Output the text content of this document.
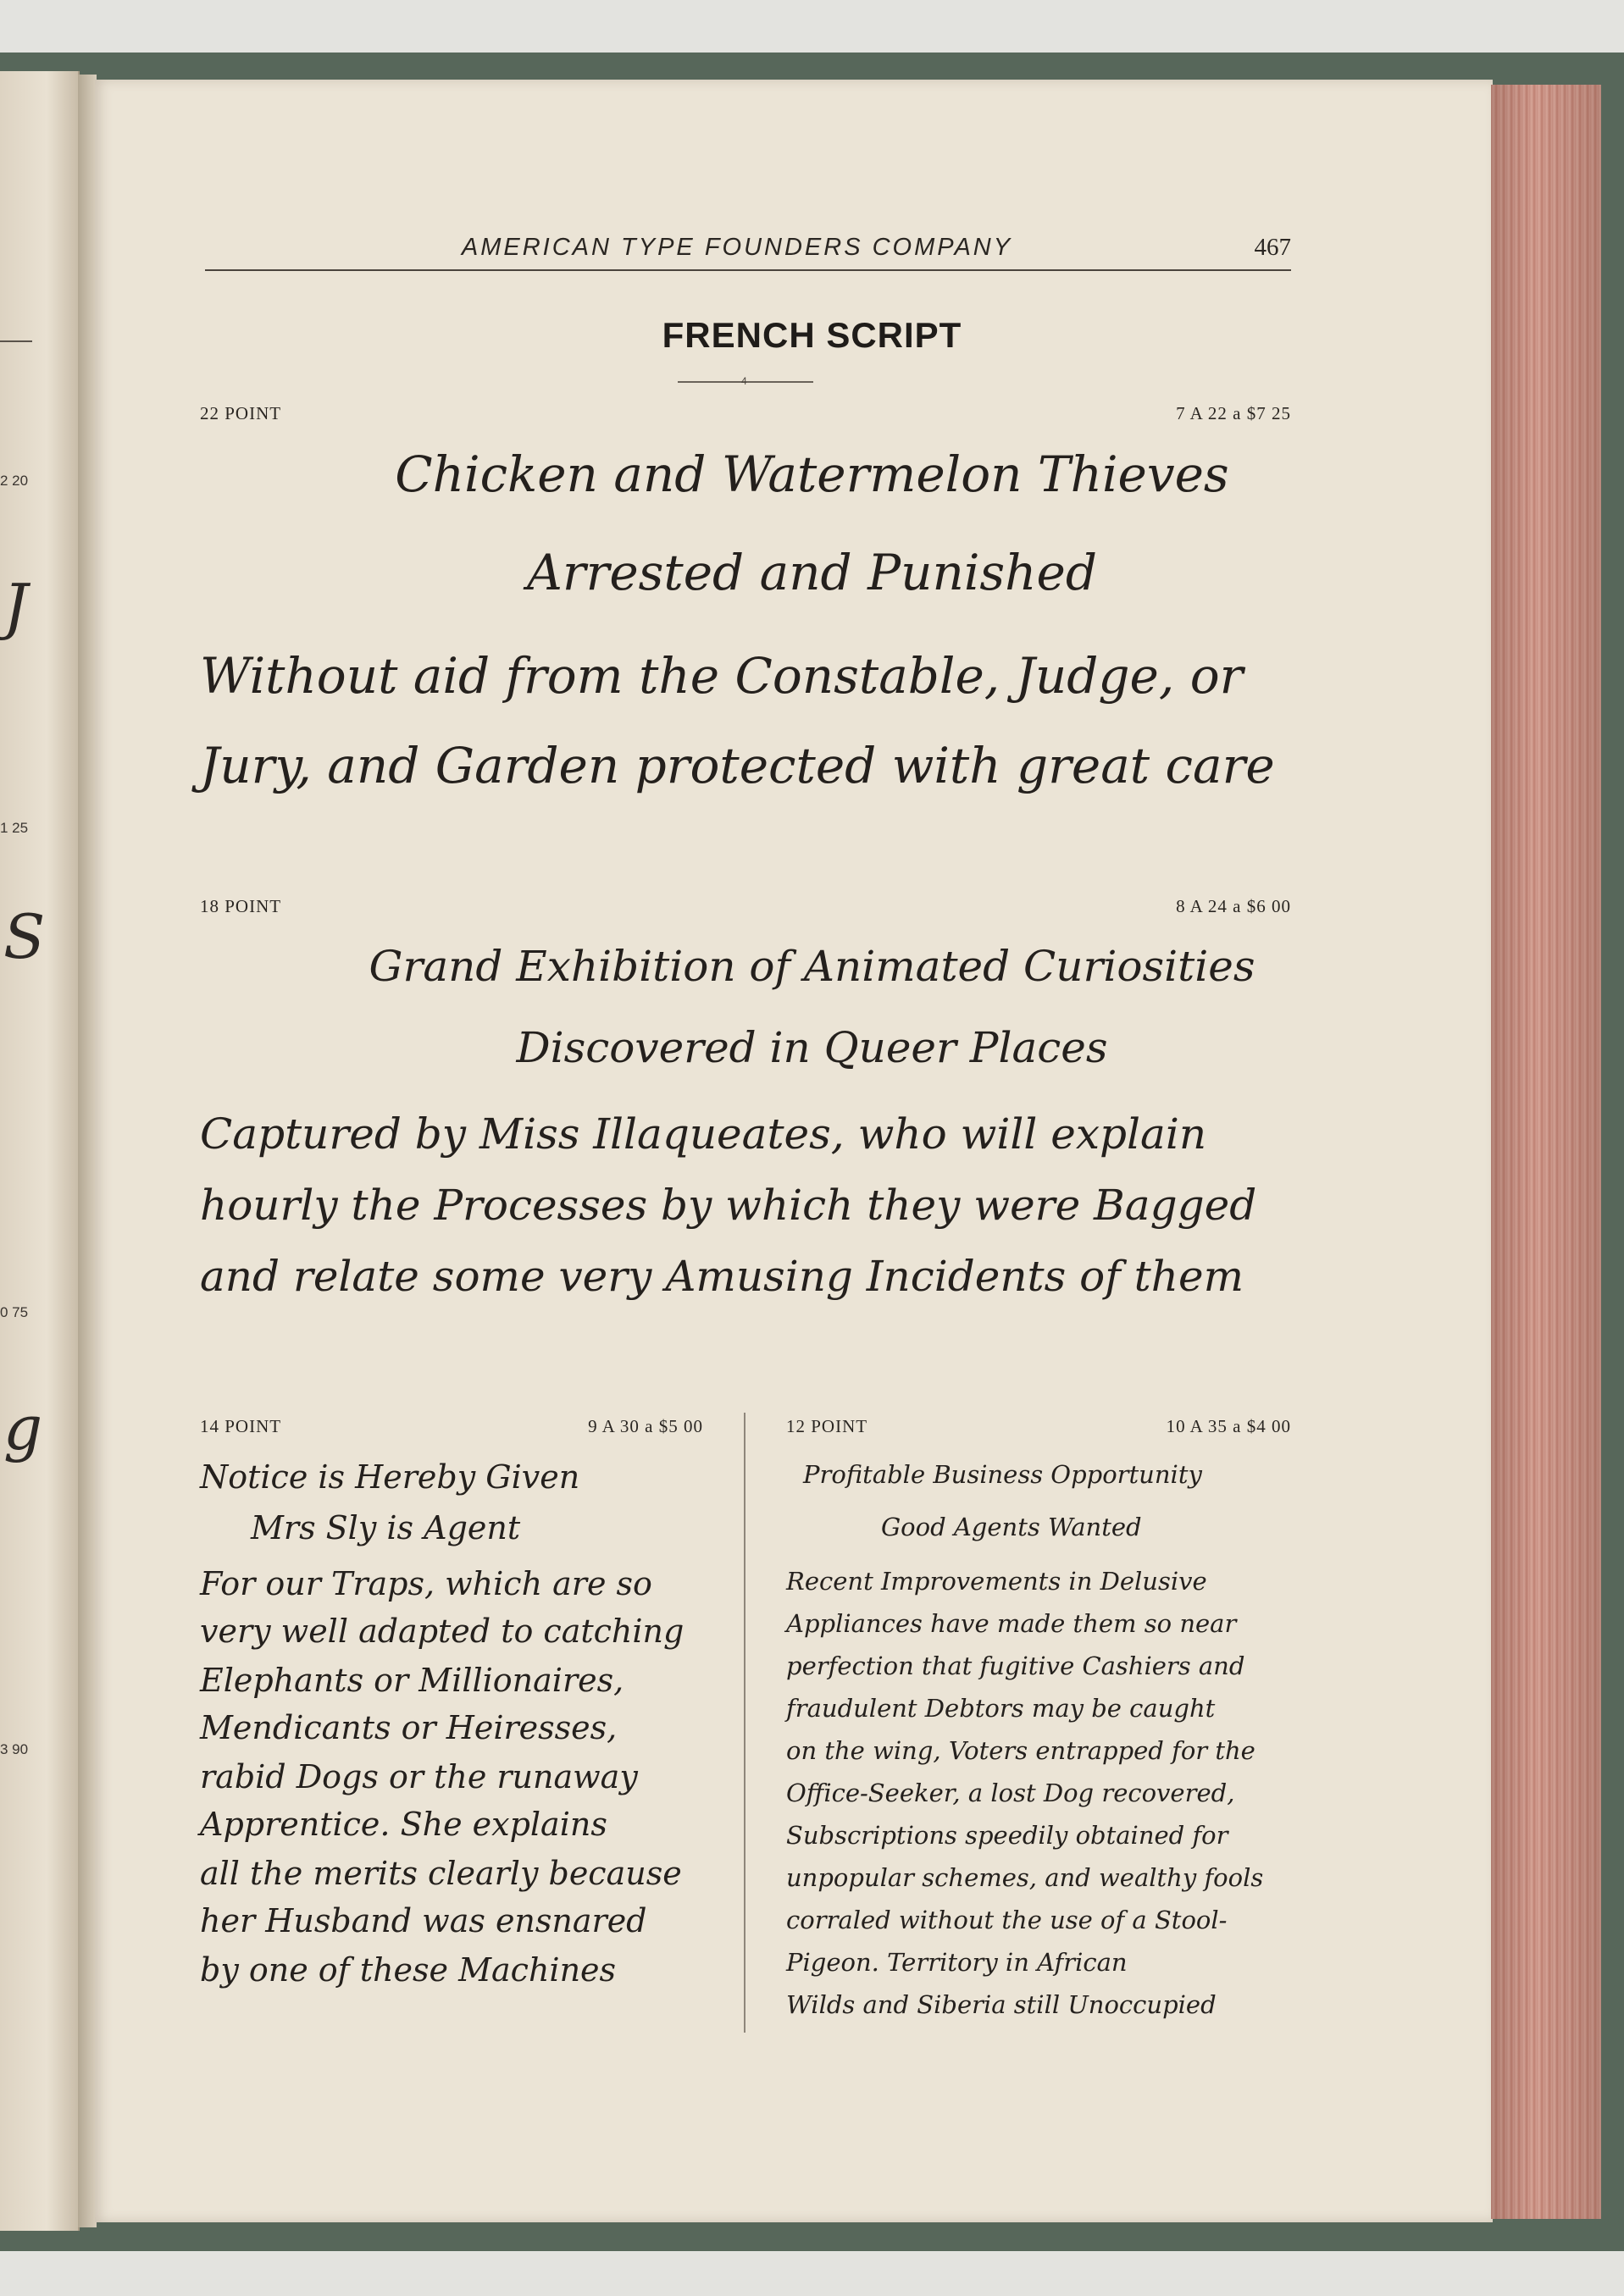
2 20
J
1 25
S
0 75
g
3 90
AMERICAN TYPE FOUNDERS COMPANY	467
FRENCH SCRIPT
4
22 POINT	7 A 22 a $7 25
Chicken and Watermelon Thieves
Arrested and Punished
Without aid from the Constable, Judge, or
Jury, and Garden protected with great care
18 POINT	8 A 24 a $6 00
Grand Exhibition of Animated Curiosities
Discovered in Queer Places
Captured by Miss Illaqueates, who will explain
hourly the Processes by which they were Bagged
and relate some very Amusing Incidents of them
14 POINT	9 A 30 a $5 00
Notice is Hereby Given
Mrs Sly is Agent
For our Traps, which are so
very well adapted to catching
Elephants or Millionaires,
Mendicants or Heiresses,
rabid Dogs or the runaway
Apprentice. She explains
all the merits clearly because
her Husband was ensnared
by one of these Machines
12 POINT	10 A 35 a $4 00
Profitable Business Opportunity
Good Agents Wanted
Recent Improvements in Delusive
Appliances have made them so near
perfection that fugitive Cashiers and
fraudulent Debtors may be caught
on the wing, Voters entrapped for the
Office-Seeker, a lost Dog recovered,
Subscriptions speedily obtained for
unpopular schemes, and wealthy fools
corraled without the use of a Stool-
Pigeon. Territory in African
Wilds and Siberia still Unoccupied
